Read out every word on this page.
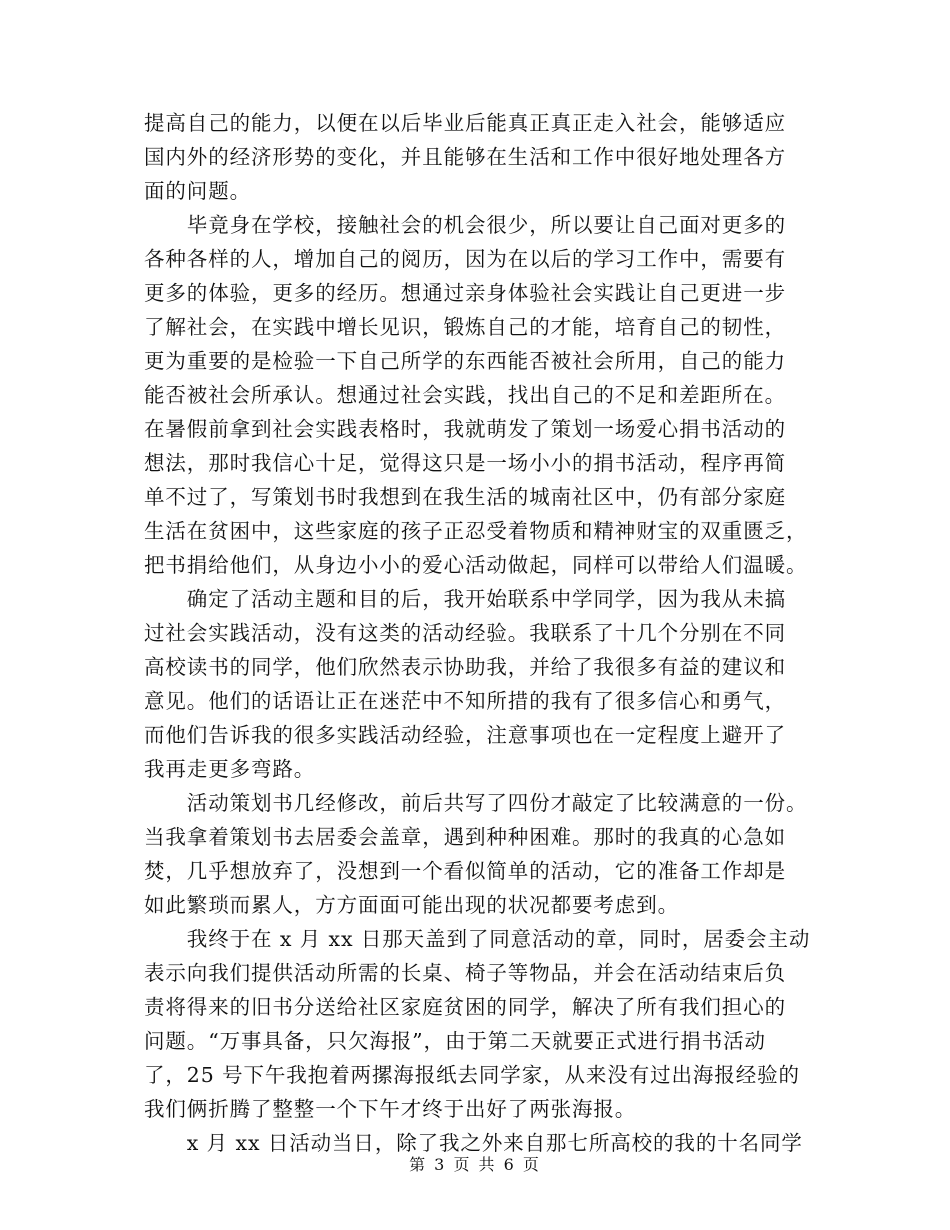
提高自己的能力，以便在以后毕业后能真正真正走入社会，能够适应
国内外的经济形势的变化，并且能够在生活和工作中很好地处理各方
面的问题。
　　毕竟身在学校，接触社会的机会很少，所以要让自己面对更多的
各种各样的人，增加自己的阅历，因为在以后的学习工作中，需要有
更多的体验，更多的经历。想通过亲身体验社会实践让自己更进一步
了解社会，在实践中增长见识，锻炼自己的才能，培育自己的韧性，
更为重要的是检验一下自己所学的东西能否被社会所用，自己的能力
能否被社会所承认。想通过社会实践，找出自己的不足和差距所在。
在暑假前拿到社会实践表格时，我就萌发了策划一场爱心捐书活动的
想法，那时我信心十足，觉得这只是一场小小的捐书活动，程序再简
单不过了，写策划书时我想到在我生活的城南社区中，仍有部分家庭
生活在贫困中，这些家庭的孩子正忍受着物质和精神财宝的双重匮乏，
把书捐给他们，从身边小小的爱心活动做起，同样可以带给人们温暖。
　　确定了活动主题和目的后，我开始联系中学同学，因为我从未搞
过社会实践活动，没有这类的活动经验。我联系了十几个分别在不同
高校读书的同学，他们欣然表示协助我，并给了我很多有益的建议和
意见。他们的话语让正在迷茫中不知所措的我有了很多信心和勇气，
而他们告诉我的很多实践活动经验，注意事项也在一定程度上避开了
我再走更多弯路。
　　活动策划书几经修改，前后共写了四份才敲定了比较满意的一份。
当我拿着策划书去居委会盖章，遇到种种困难。那时的我真的心急如
焚，几乎想放弃了，没想到一个看似简单的活动，它的准备工作却是
如此繁琐而累人，方方面面可能出现的状况都要考虑到。
　　我终于在 x 月 xx 日那天盖到了同意活动的章，同时，居委会主动
表示向我们提供活动所需的长桌、椅子等物品，并会在活动结束后负
责将得来的旧书分送给社区家庭贫困的同学，解决了所有我们担心的
问题。“万事具备，只欠海报”，由于第二天就要正式进行捐书活动
了，25 号下午我抱着两摞海报纸去同学家，从来没有过出海报经验的
我们俩折腾了整整一个下午才终于出好了两张海报。
　　x 月 xx 日活动当日，除了我之外来自那七所高校的我的十名同学
第 3 页 共 6 页
